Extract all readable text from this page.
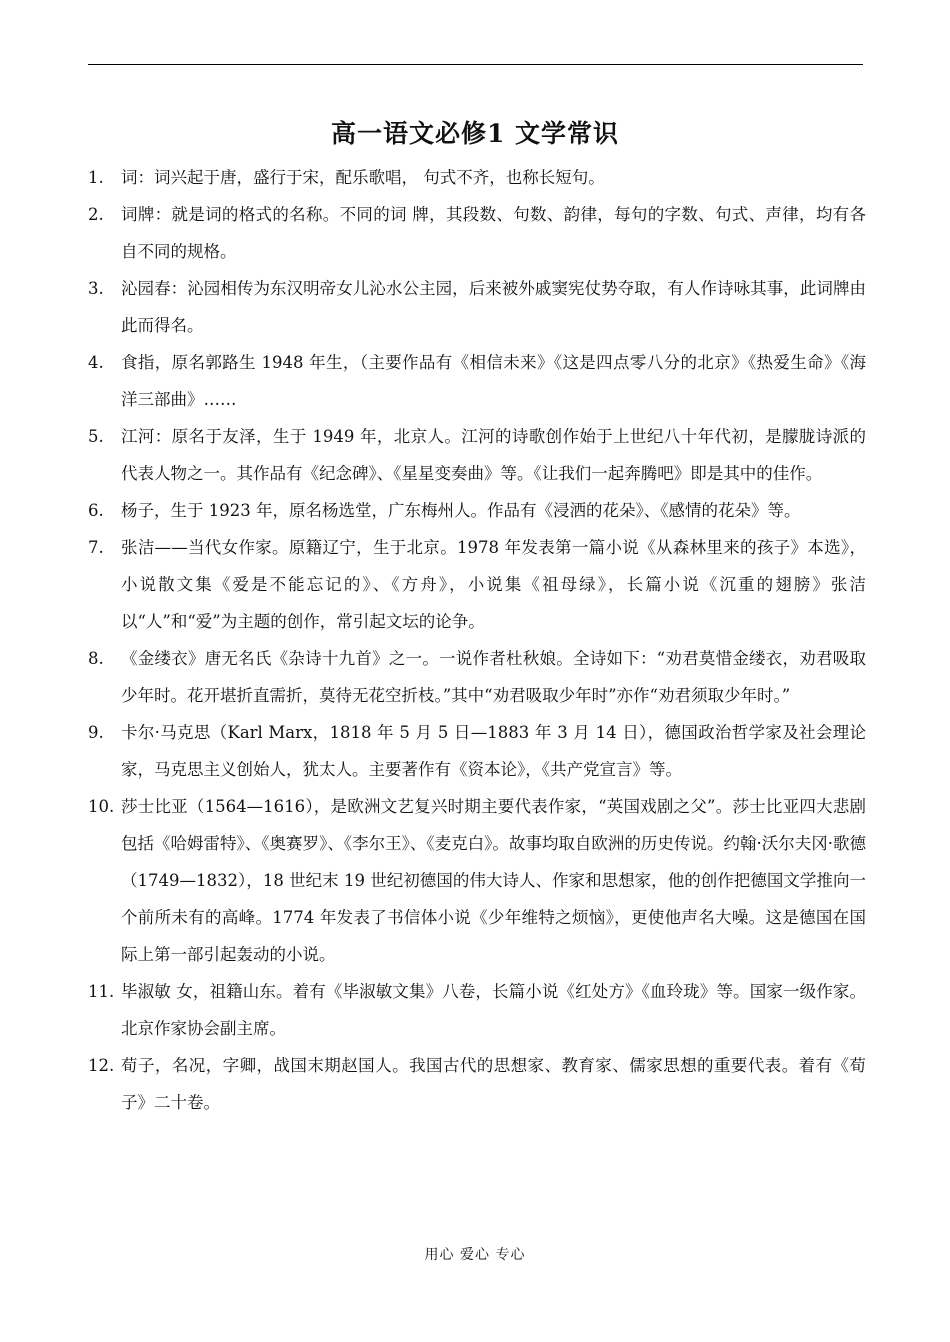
高一语文必修1 文学常识
1.	词：词兴起于唐，盛行于宋，配乐歌唱， 句式不齐，也称长短句。
2.	词牌：就是词的格式的名称。不同的词 牌，其段数、句数、韵律，每句的字数、句式、声律，均有各自不同的规格。
3.	沁园春：沁园相传为东汉明帝女儿沁水公主园，后来被外戚窦宪仗势夺取，有人作诗咏其事，此词牌由此而得名。
4.	食指，原名郭路生 1948 年生，（主要作品有《相信未来》《这是四点零八分的北京》《热爱生命》《海洋三部曲》……
5.	江河：原名于友泽，生于 1949 年，北京人。江河的诗歌创作始于上世纪八十年代初，是朦胧诗派的代表人物之一。其作品有《纪念碑》、《星星变奏曲》等。《让我们一起奔腾吧》即是其中的佳作。
6.	杨子，生于 1923 年，原名杨选堂，广东梅州人。作品有《浸洒的花朵》、《感情的花朵》等。
7.	张洁——当代女作家。原籍辽宁，生于北京。1978 年发表第一篇小说《从森林里来的孩子》本选》，小说散文集《爱是不能忘记的》、《方舟》，小说集《祖母绿》，长篇小说《沉重的翅膀》张洁以“人”和“爱”为主题的创作，常引起文坛的论争。
8.	《金缕衣》唐无名氏《杂诗十九首》之一。一说作者杜秋娘。全诗如下：“劝君莫惜金缕衣，劝君吸取少年时。花开堪折直需折，莫待无花空折枝。”其中“劝君吸取少年时”亦作“劝君须取少年时。”
9.	卡尔·马克思（Karl Marx，1818 年 5 月 5 日—1883 年 3 月 14 日），德国政治哲学家及社会理论家，马克思主义创始人，犹太人。主要著作有《资本论》，《共产党宣言》等。
10. 莎士比亚（1564—1616），是欧洲文艺复兴时期主要代表作家，“英国戏剧之父”。莎士比亚四大悲剧包括《哈姆雷特》、《奥赛罗》、《李尔王》、《麦克白》。故事均取自欧洲的历史传说。约翰·沃尔夫冈·歌德（1749—1832），18 世纪末 19 世纪初德国的伟大诗人、作家和思想家，他的创作把德国文学推向一个前所未有的高峰。1774 年发表了书信体小说《少年维特之烦恼》，更使他声名大噪。这是德国在国际上第一部引起轰动的小说。
11. 毕淑敏 女，祖籍山东。着有《毕淑敏文集》八卷，长篇小说《红处方》《血玲珑》等。国家一级作家。北京作家协会副主席。
12. 荀子，名况，字卿，战国末期赵国人。我国古代的思想家、教育家、儒家思想的重要代表。着有《荀子》二十卷。
用心 爱心 专心
